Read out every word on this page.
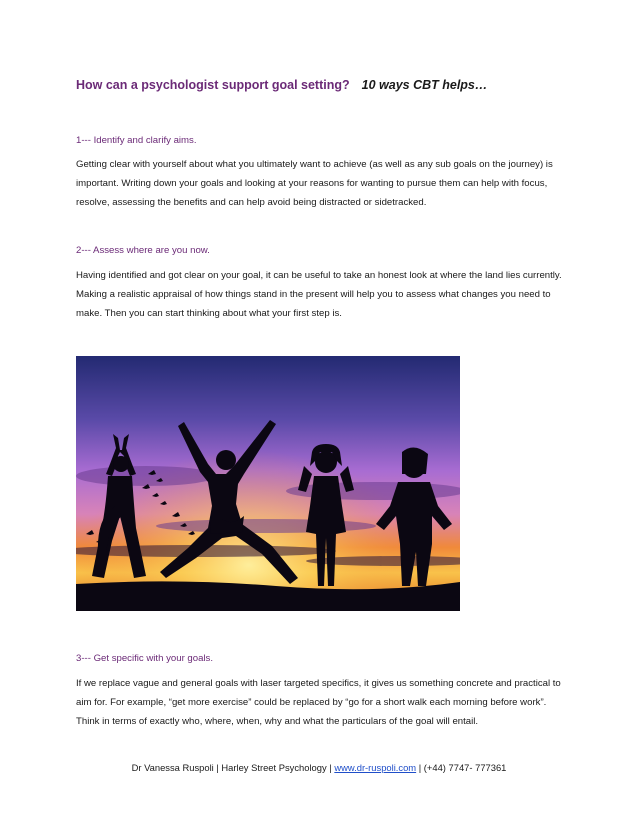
How can a psychologist support goal setting? 10 ways CBT helps…
1--- Identify and clarify aims.
Getting clear with yourself about what you ultimately want to achieve (as well as any sub goals on the journey) is important. Writing down your goals and looking at your reasons for wanting to pursue them can help with focus, resolve, assessing the benefits and can help avoid being distracted or sidetracked.
2--- Assess where are you now.
Having identified and got clear on your goal, it can be useful to take an honest look at where the land lies currently. Making a realistic appraisal of how things stand in the present will help you to assess what changes you need to make. Then you can start thinking about what your first step is.
3--- Get specific with your goals.
If we replace vague and general goals with laser targeted specifics, it gives us something concrete and practical to aim for. For example, “get more exercise” could be replaced by “go for a short walk each morning before work”. Think in terms of exactly who, where, when, why and what the particulars of the goal will entail.
Dr Vanessa Ruspoli | Harley Street Psychology | www.dr-ruspoli.com | (+44) 7747- 777361
